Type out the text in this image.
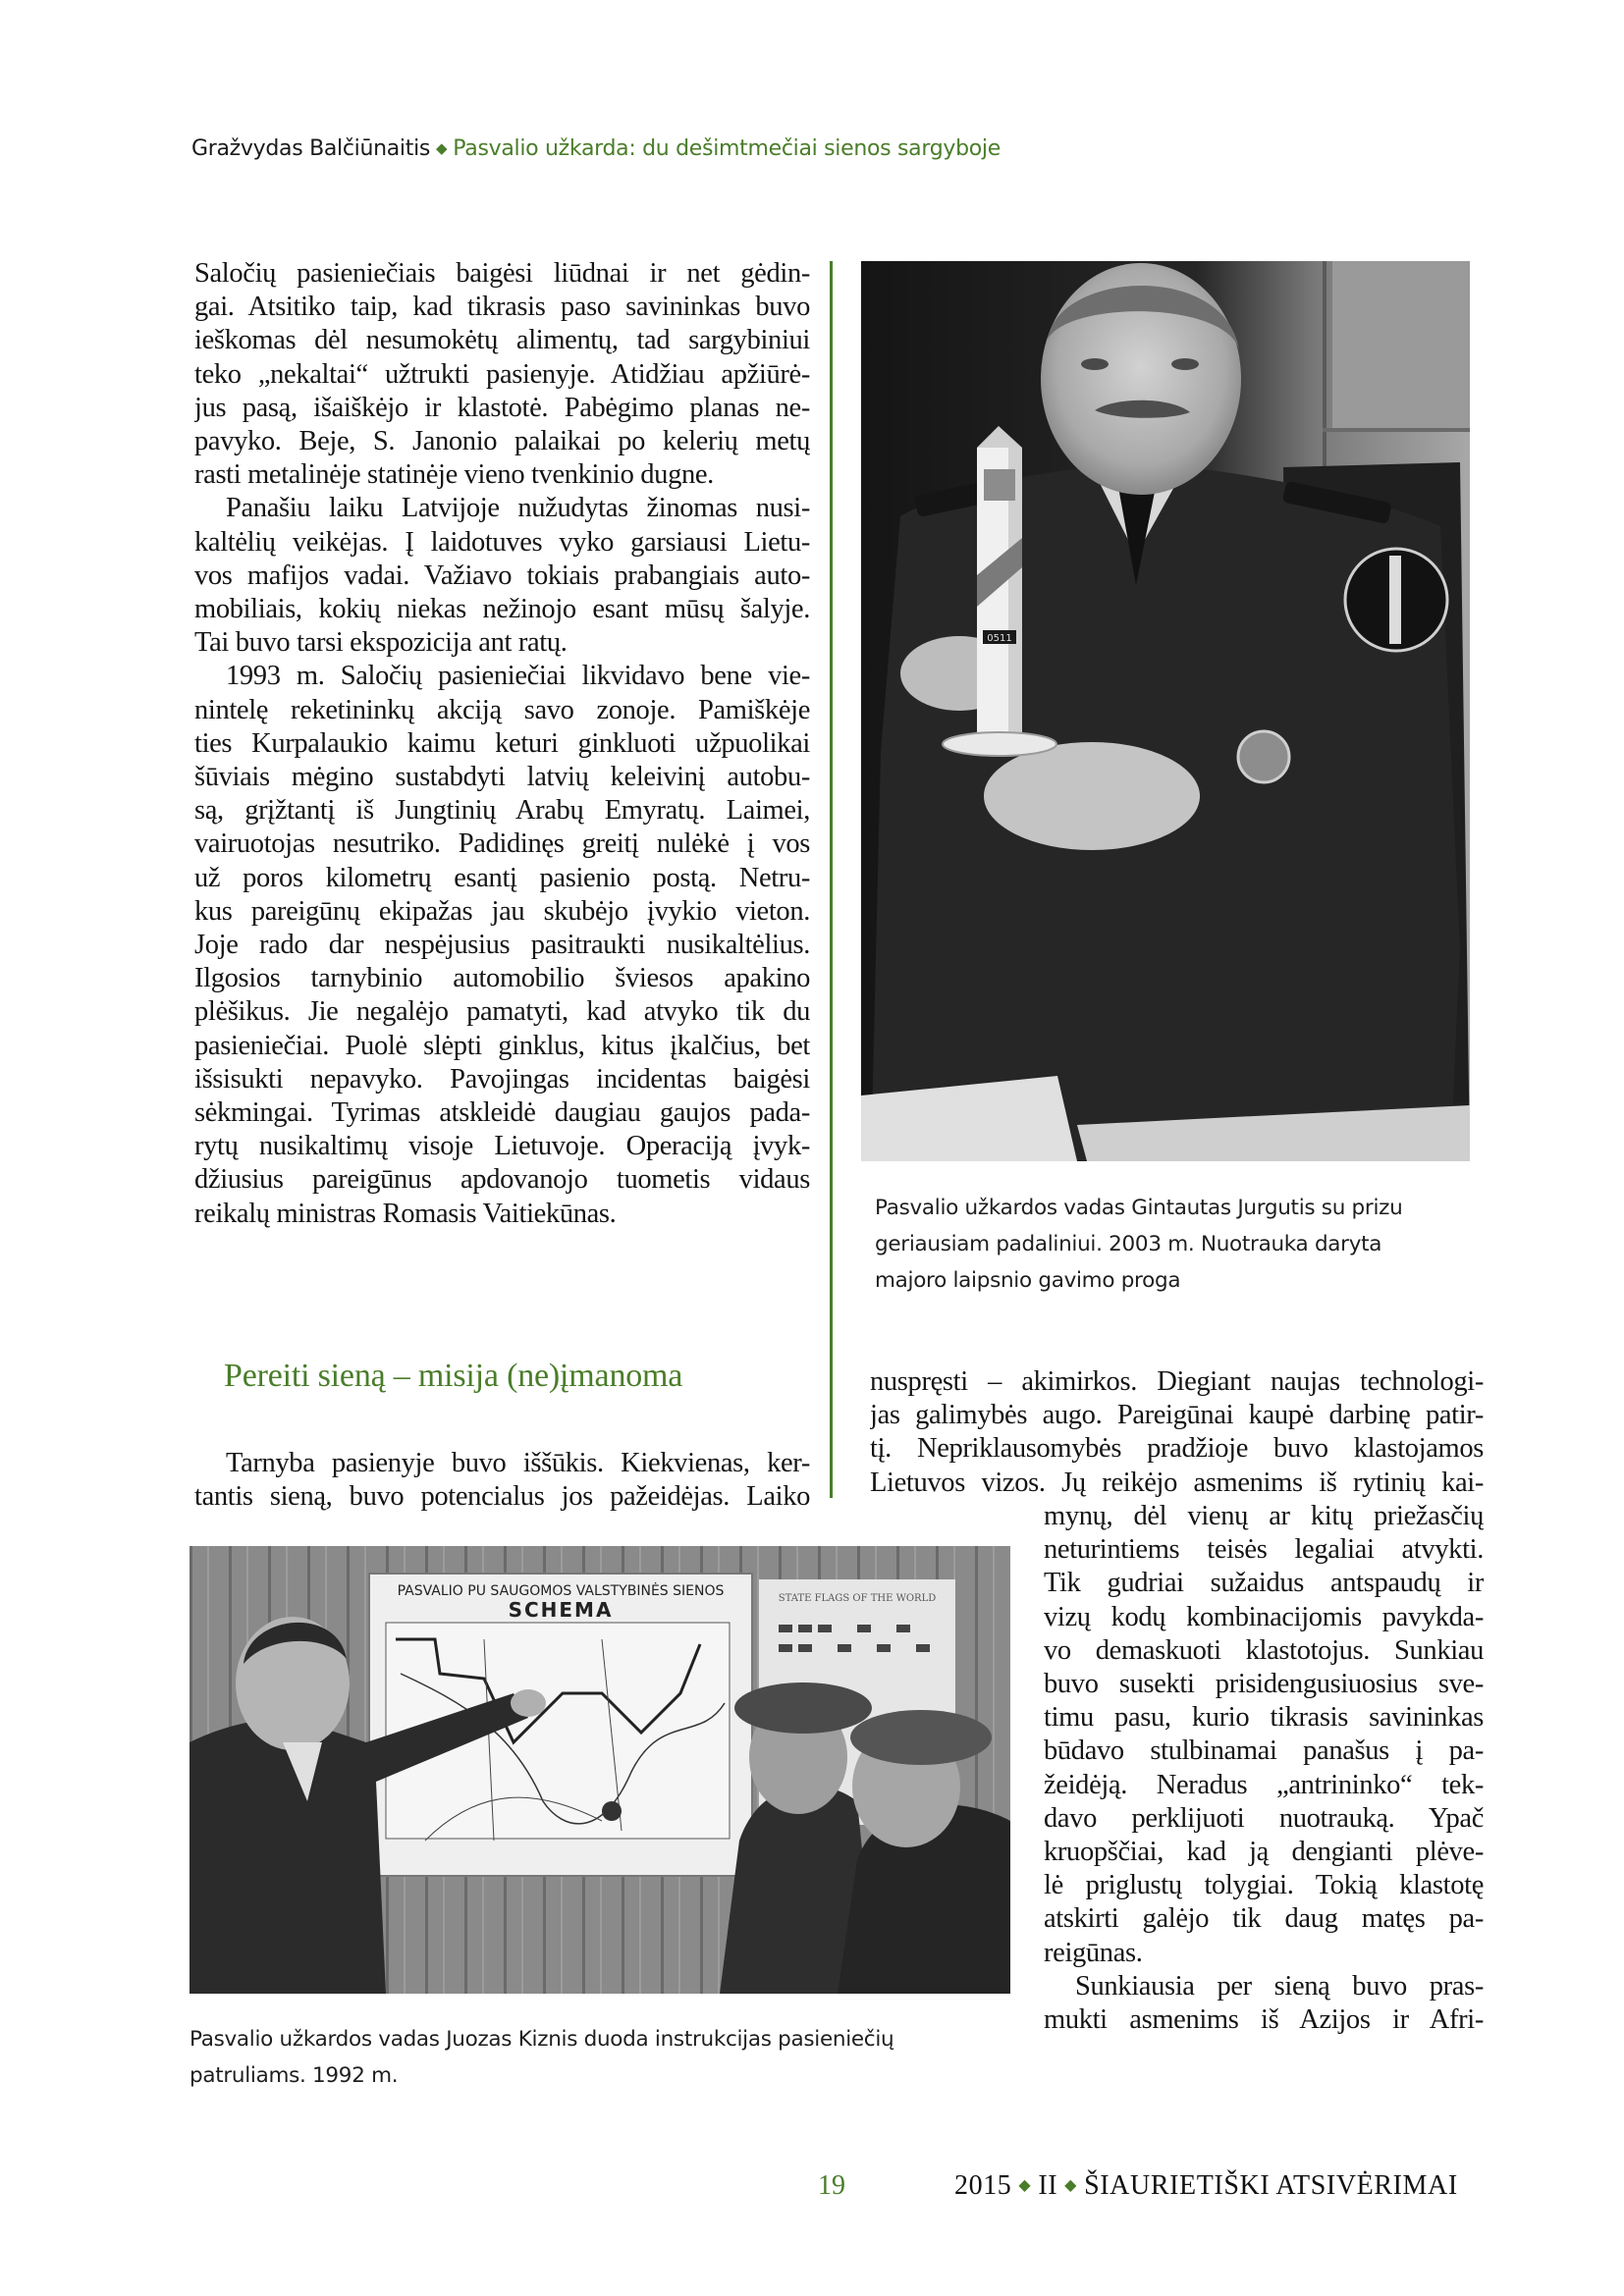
Gražvydas Balčiūnaitis ◆ Pasvalio užkarda: du dešimtmečiai sienos sargyboje
Saločių pasieniečiais baigėsi liūdnai ir net gėdin-
gai. Atsitiko taip, kad tikrasis paso savininkas buvo
ieškomas dėl nesumokėtų alimentų, tad sargybiniui
teko „nekaltai“ užtrukti pasienyje. Atidžiau apžiūrė-
jus pasą, išaiškėjo ir klastotė. Pabėgimo planas ne-
pavyko. Beje, S. Janonio palaikai po kelerių metų
rasti metalinėje statinėje vieno tvenkinio dugne.
Panašiu laiku Latvijoje nužudytas žinomas nusi-
kaltėlių veikėjas. Į laidotuves vyko garsiausi Lietu-
vos mafijos vadai. Važiavo tokiais prabangiais auto-
mobiliais, kokių niekas nežinojo esant mūsų šalyje.
Tai buvo tarsi ekspozicija ant ratų.
1993 m. Saločių pasieniečiai likvidavo bene vie-
nintelę reketininkų akciją savo zonoje. Pamiškėje
ties Kurpalaukio kaimu keturi ginkluoti užpuolikai
šūviais mėgino sustabdyti latvių keleivinį autobu-
są, grįžtantį iš Jungtinių Arabų Emyratų. Laimei,
vairuotojas nesutriko. Padidinęs greitį nulėkė į vos
už poros kilometrų esantį pasienio postą. Netru-
kus pareigūnų ekipažas jau skubėjo įvykio vieton.
Joje rado dar nespėjusius pasitraukti nusikaltėlius.
Ilgosios tarnybinio automobilio šviesos apakino
plėšikus. Jie negalėjo pamatyti, kad atvyko tik du
pasieniečiai. Puolė slėpti ginklus, kitus įkalčius, bet
išsisukti nepavyko. Pavojingas incidentas baigėsi
sėkmingai. Tyrimas atskleidė daugiau gaujos pada-
rytų nusikaltimų visoje Lietuvoje. Operaciją įvyk-
džiusius pareigūnus apdovanojo tuometis vidaus
reikalų ministras Romasis Vaitiekūnas.
0511
Pasvalio užkardos vadas Gintautas Jurgutis su prizu
geriausiam padaliniui. 2003 m. Nuotrauka daryta
majoro laipsnio gavimo proga
Pereiti sieną – misija (ne)įmanoma
Tarnyba pasienyje buvo iššūkis. Kiekvienas, ker-
tantis sieną, buvo potencialus jos pažeidėjas. Laiko
nuspręsti – akimirkos. Diegiant naujas technologi-
jas galimybės augo. Pareigūnai kaupė darbinę patir-
tį. Nepriklausomybės pradžioje buvo klastojamos
Lietuvos vizos. Jų reikėjo asmenims iš rytinių kai-
mynų, dėl vienų ar kitų priežasčių
neturintiems teisės legaliai atvykti.
Tik gudriai sužaidus antspaudų ir
vizų kodų kombinacijomis pavykda-
vo demaskuoti klastotojus. Sunkiau
buvo susekti prisidengusiuosius sve-
timu pasu, kurio tikrasis savininkas
būdavo stulbinamai panašus į pa-
žeidėją. Neradus „antrininko“ tek-
davo perklijuoti nuotrauką. Ypač
kruopščiai, kad ją dengianti plėve-
lė priglustų tolygiai. Tokią klastotę
atskirti galėjo tik daug matęs pa-
reigūnas.
Sunkiausia per sieną buvo pras-
mukti asmenims iš Azijos ir Afri-
PASVALIO PU SAUGOMOS VALSTYBINĖS SIENOS
SCHEMA	STATE FLAGS OF THE WORLD
Pasvalio užkardos vadas Juozas Kiznis duoda instrukcijas pasieniečių
patruliams. 1992 m.
19	2015 ◆ II ◆ ŠIAURIETIŠKI ATSIVĖRIMAI
